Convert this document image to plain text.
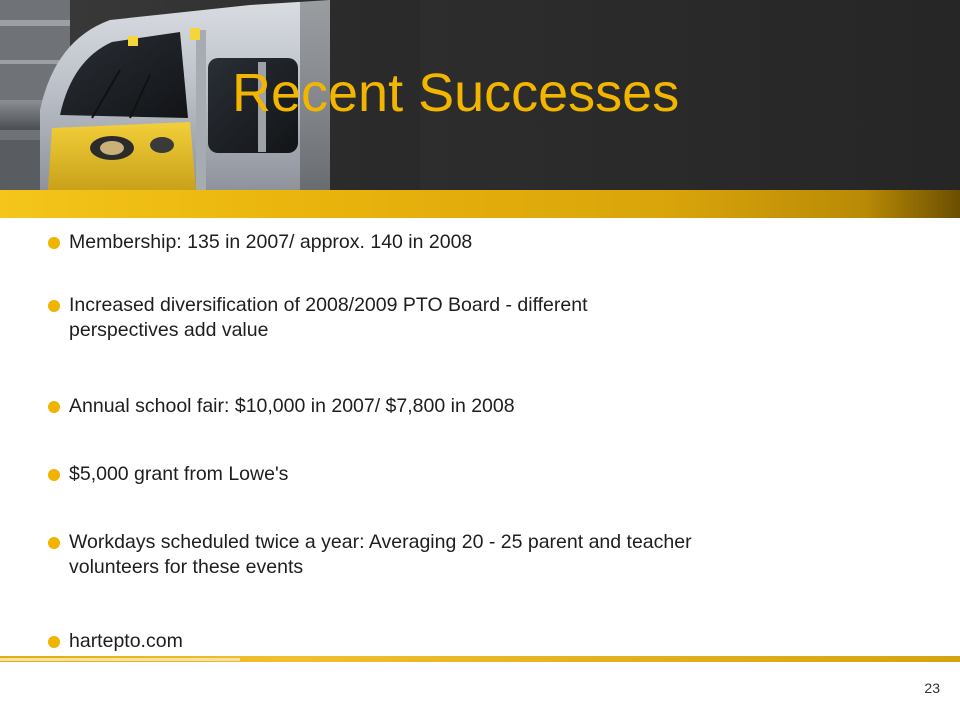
Recent Successes
Membership: 135 in 2007/ approx. 140 in 2008
Increased diversification of 2008/2009 PTO Board - different
perspectives add value
Annual school fair: $10,000 in 2007/ $7,800 in 2008
$5,000 grant from Lowe's
Workdays scheduled twice a year: Averaging 20 - 25 parent and teacher
volunteers for these events
hartepto.com
23
